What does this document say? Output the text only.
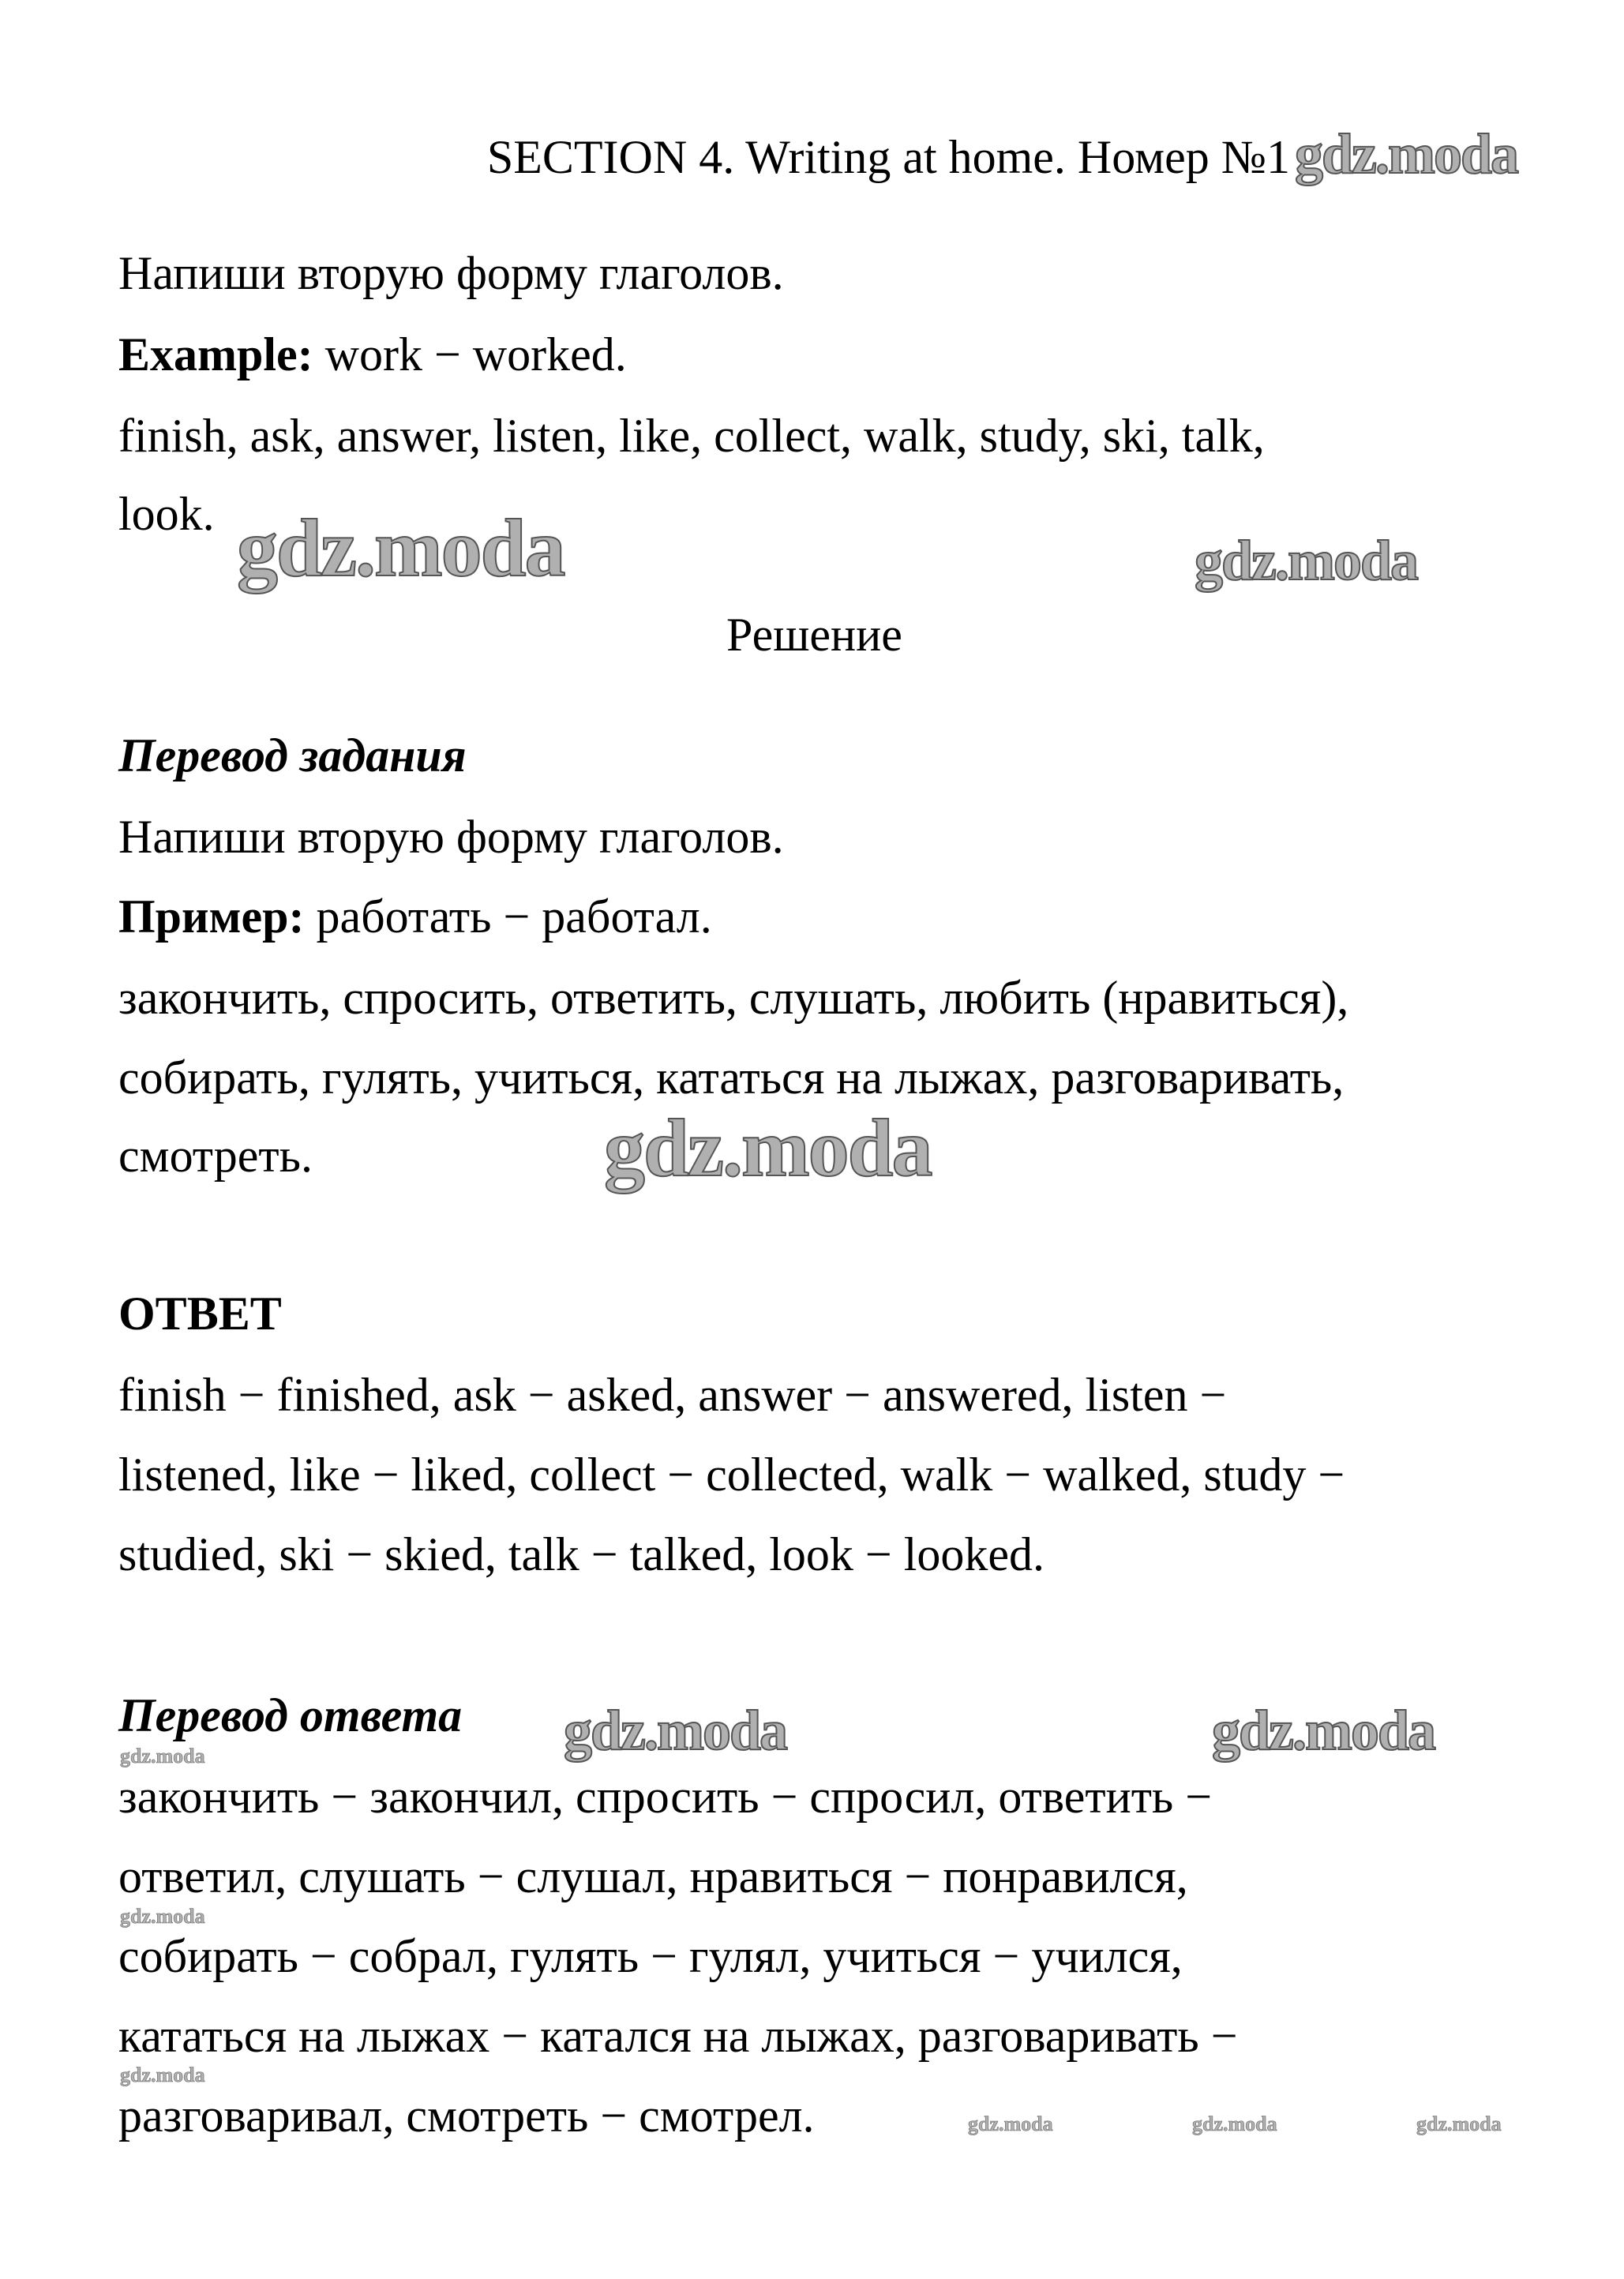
SECTION 4. Writing at home. Номер №1 gdz.moda
Напиши вторую форму глаголов.
Example: work − worked.
finish, ask, answer, listen, like, collect, walk, study, ski, talk,
look.
Решение
Перевод задания
Напиши вторую форму глаголов.
Пример: работать − работал.
закончить, спросить, ответить, слушать, любить (нравиться),
собирать, гулять, учиться, кататься на лыжах, разговаривать,
смотреть.
ОТВЕТ
finish − finished, ask − asked, answer − answered, listen −
listened, like − liked, collect − collected, walk − walked, study −
studied, ski − skied, talk − talked, look − looked.
Перевод ответа
закончить − закончил, спросить − спросил, ответить −
ответил, слушать − слушал, нравиться − понравился,
собирать − собрал, гулять − гулял, учиться − учился,
кататься на лыжах − катался на лыжах, разговаривать −
разговаривал, смотреть − смотрел.
gdz.moda	gdz.moda
gdz.moda
gdz.moda	gdz.moda
gdz.moda
gdz.moda
gdz.moda
gdz.moda	gdz.moda	gdz.moda
